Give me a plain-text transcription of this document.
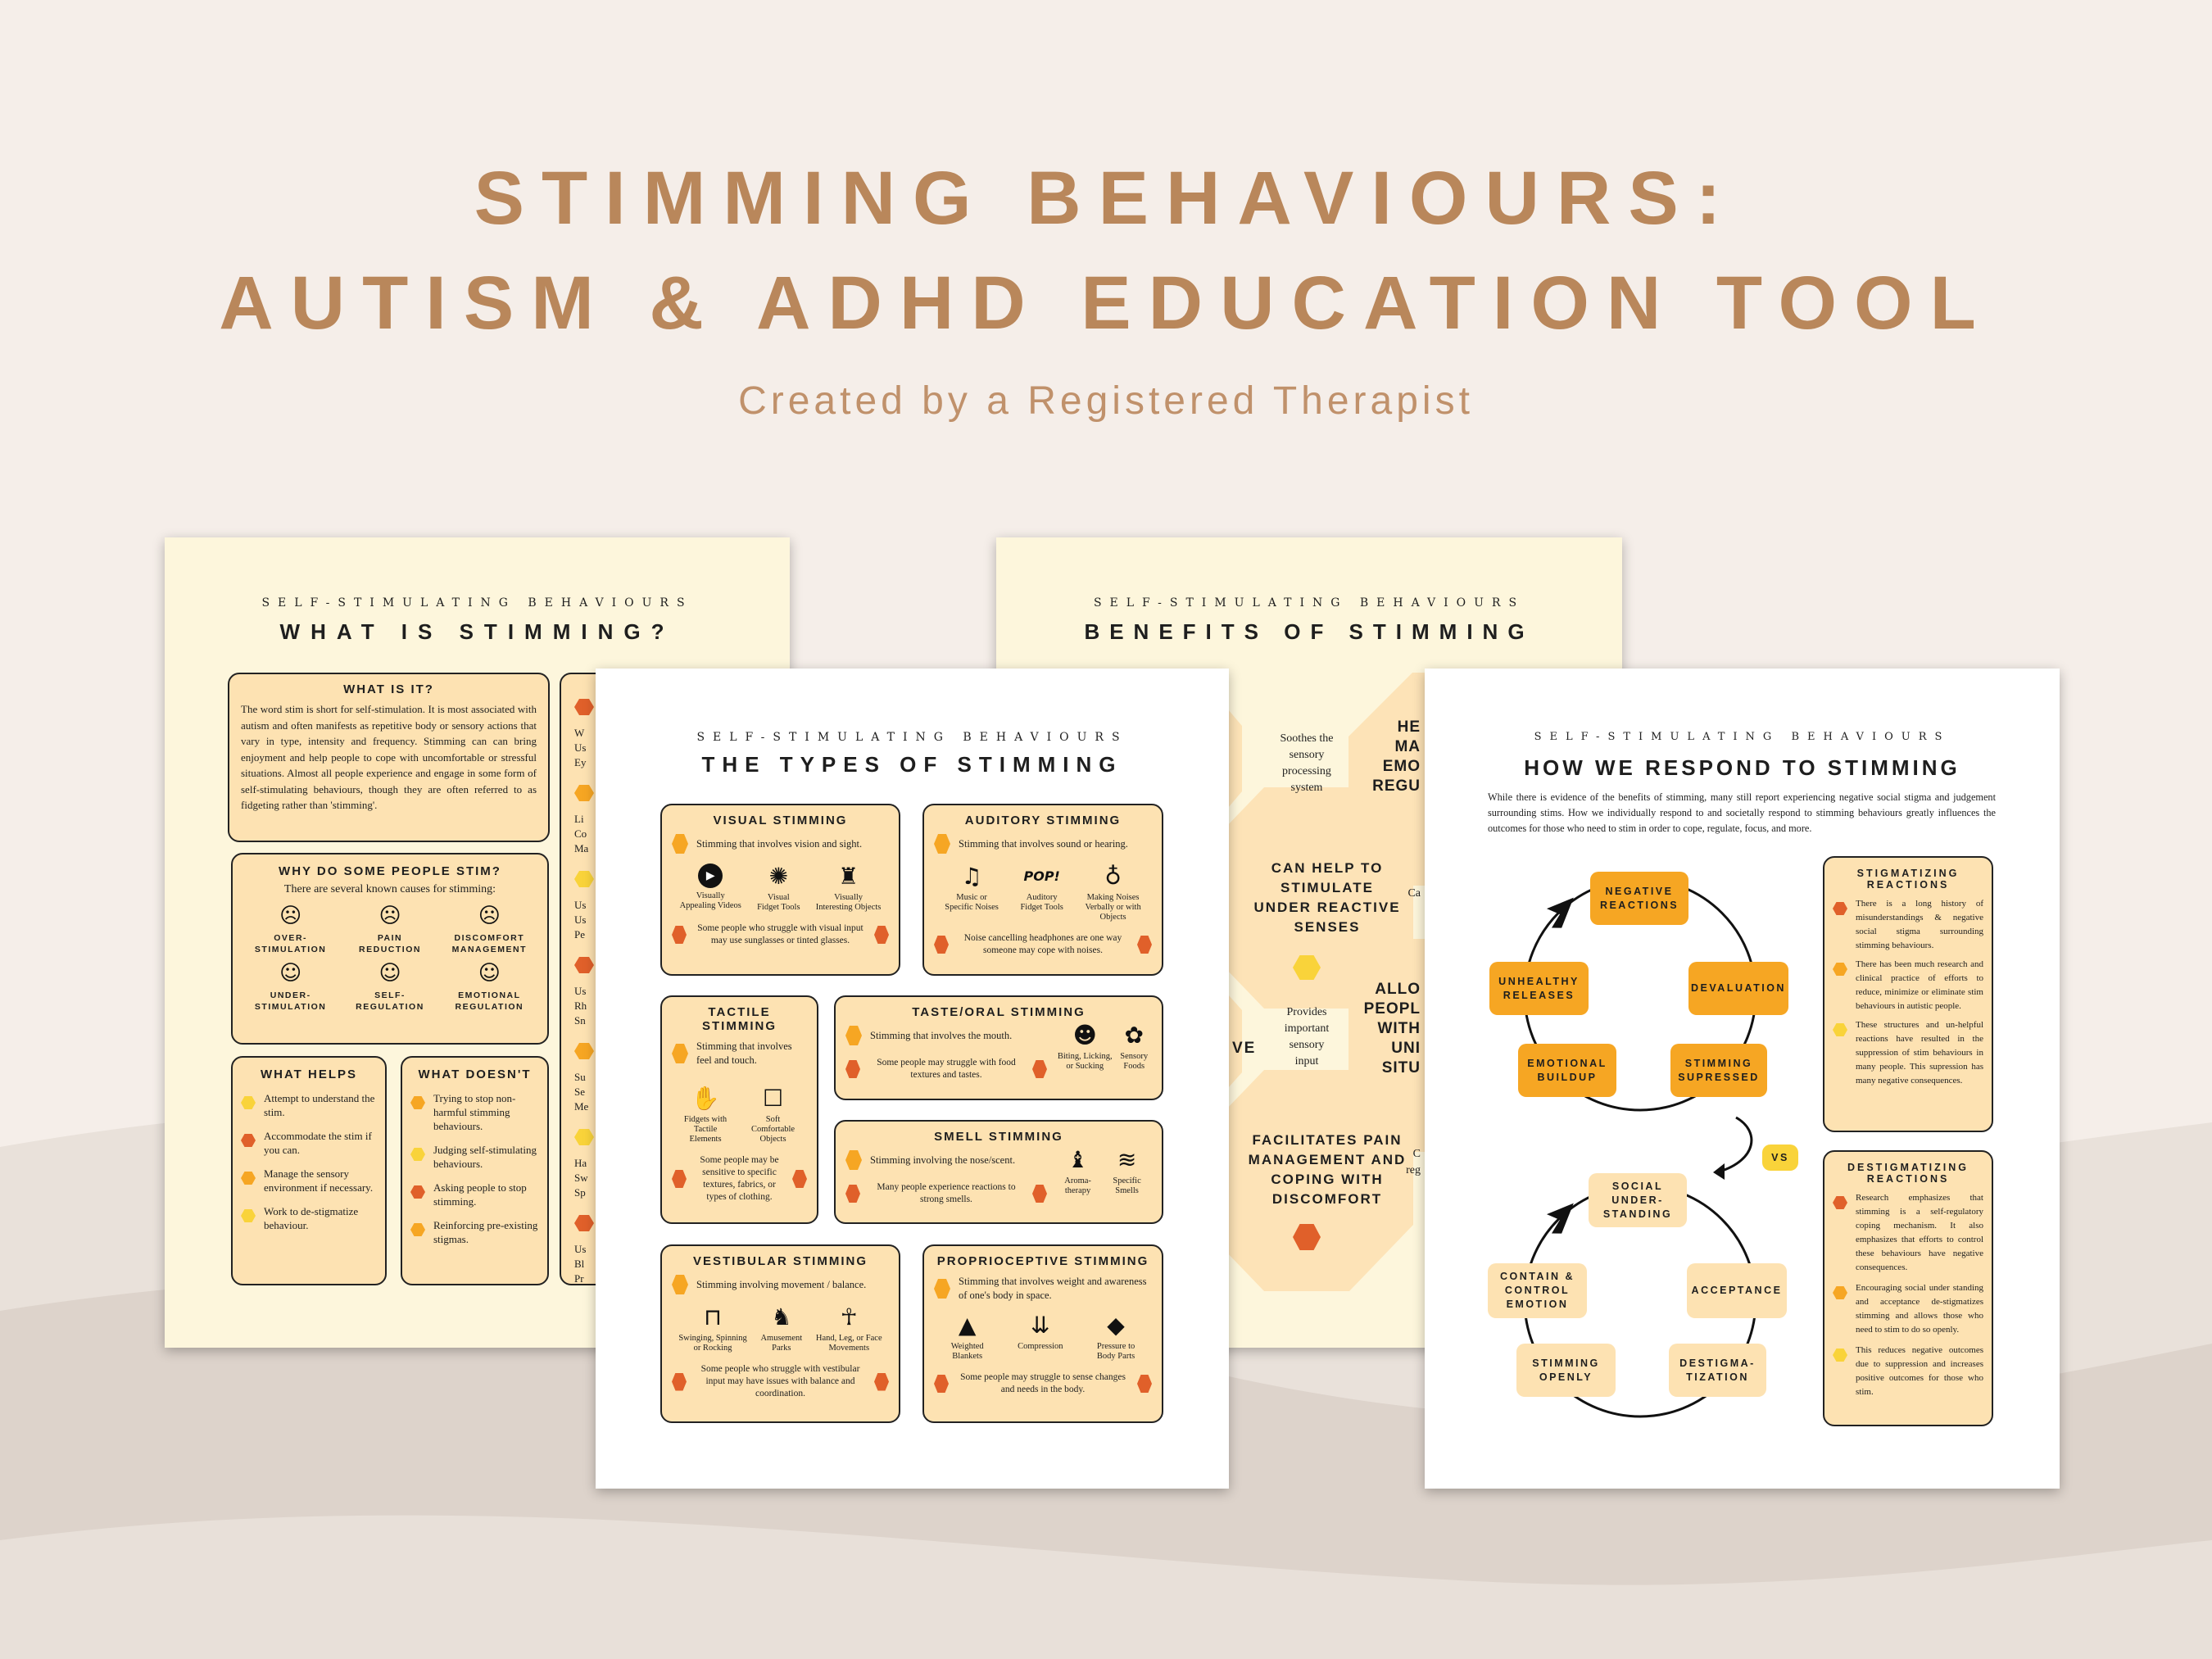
STIMMING BEHAVIOURS:
AUTISM & ADHD EDUCATION TOOL
Created by a Registered Therapist
SELF-STIMULATING BEHAVIOURS
WHAT IS STIMMING?
WHAT IS IT?

The word stim is short for self-stimulation. It is most associated with autism and often manifests as repetitive body or sensory actions that vary in type, intensity and frequency. Stimming can can bring enjoyment and help people to cope with uncomfortable or stressful situations. Almost all people experience and engage in some form of self-stimulating behaviours, though they are often referred to as fidgeting rather than 'stimming'.

WHY DO SOME PEOPLE STIM?
There are several known causes for stimming:
☹
OVER-
STIMULATION
☹
PAIN
REDUCTION
☹
DISCOMFORT
MANAGEMENT
☺
UNDER-
STIMULATION
☺
SELF-
REGULATION
☺
EMOTIONAL
REGULATION
WHAT HELPS

Attempt to understand the stim.

Accommodate the stim if you can.

Manage the sensory environment if necessary.

Work to de-stigmatize behaviour.

WHAT DOESN'T

Trying to stop non-harmful stimming behaviours.

Judging self-stimulating behaviours.

Asking people to stop stimming.

Reinforcing pre-existing stigmas.

W
Us
Ey

Li
Co
Ma

Us
Us
Pe

Us
Rh
Sn

Su
Se
Me

Ha
Sw
Sp

Us
Bl
Pr

SELF-STIMULATING BEHAVIOURS
BENEFITS OF STIMMING
Soothes the
sensory
processing
system
CAN HELP TO
STIMULATE
UNDER REACTIVE
SENSES
Provides
important
sensory
input
FACILITATES PAIN
MANAGEMENT AND
COPING WITH
DISCOMFORT
HE
MA
EMO
REGU
ALLO
PEOPL
WITH
UNI
SITU
VE
Ca
C
reg
SELF-STIMULATING BEHAVIOURS
THE TYPES OF STIMMING
VISUAL STIMMING
Stimming that involves vision and sight.
▶
Visually
Appealing Videos
✺
Visual
Fidget Tools
♜
Visually
Interesting Objects
Some people who struggle with visual input may use sunglasses or tinted glasses.
AUDITORY STIMMING
Stimming that involves sound or hearing.
♫
Music or
Specific Noises
POP!
Auditory
Fidget Tools
♁
Making Noises
Verbally or with
Objects
Noise cancelling headphones are one way someone may cope with noises.
TACTILE STIMMING
Stimming that involves feel and touch.
✋
Fidgets with
Tactile
Elements
☐
Soft
Comfortable
Objects
Some people may be sensitive to specific textures, fabrics, or types of clothing.
TASTE/ORAL STIMMING
Stimming that involves the mouth.
Some people may struggle with food textures and tastes.
☻
Biting, Licking,
or Sucking
✿
Sensory
Foods
SMELL STIMMING
Stimming involving the nose/scent.
Many people experience reactions to strong smells.
♝
Aroma-
therapy
≋
Specific
Smells
VESTIBULAR STIMMING
Stimming involving movement / balance.
⊓
Swinging, Spinning
or Rocking
♞
Amusement
Parks
☥
Hand, Leg, or Face
Movements
Some people who struggle with vestibular input may have issues with balance and coordination.
PROPRIOCEPTIVE STIMMING
Stimming that involves weight and awareness of one's body in space.
▲
Weighted
Blankets
⇊
Compression
◆
Pressure to
Body Parts
Some people may struggle to sense changes and needs in the body.
SELF-STIMULATING BEHAVIOURS
HOW WE RESPOND TO STIMMING

While there is evidence of the benefits of stimming, many still report experiencing negative social stigma and judgement surrounding stims. How we individually respond to and societally respond to stimming behaviours greatly influences the outcomes for those who need to stim in order to cope, regulate, focus, and more.

NEGATIVE
REACTIONS
DEVALUATION
STIMMING
SUPRESSED
EMOTIONAL
BUILDUP
UNHEALTHY
RELEASES
VS
SOCIAL
UNDER-
STANDING
ACCEPTANCE
DESTIGMA-
TIZATION
STIMMING
OPENLY
CONTAIN &
CONTROL
EMOTION
STIGMATIZING
REACTIONS

There is a long history of misunderstandings & negative social stigma surrounding stimming behaviours.

There has been much research and clinical practice of efforts to reduce, minimize or eliminate stim behaviours in autistic people.

These structures and un-helpful reactions have resulted in the suppression of stim behaviours in many people. This supression has many negative consequences.

DESTIGMATIZING
REACTIONS

Research emphasizes that stimming is a self-regulatory coping mechanism. It also emphasizes that efforts to control these behaviours have negative consequences.

Encouraging social under standing and acceptance de-stigmatizes stimming and allows those who need to stim to do so openly.

This reduces negative outcomes due to suppression and increases positive outcomes for those who stim.
